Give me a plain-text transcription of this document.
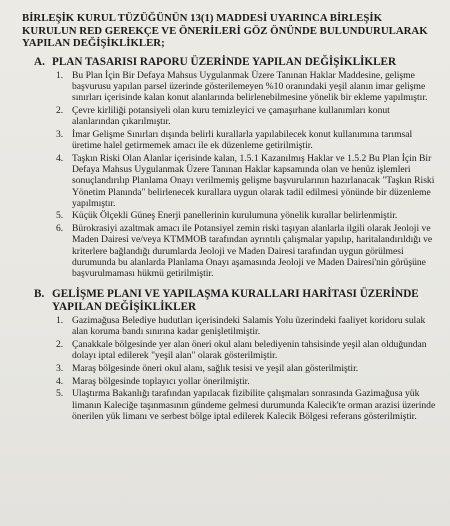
BİRLEŞİK KURUL TÜZÜĞÜNÜN 13(1) MADDESİ UYARINCA BİRLEŞİK KURULUN RED GEREKÇE VE ÖNERİLERİ GÖZ ÖNÜNDE BULUNDURULARAK YAPILAN DEĞİŞİKLİKLER;

A. PLAN TASARISI RAPORU ÜZERİNDE YAPILAN DEĞİŞİKLİKLER

1. Bu Plan İçin Bir Defaya Mahsus Uygulanmak Üzere Tanınan Haklar Maddesine, gelişme başvurusu yapılan parsel üzerinde gösterilemeyen %10 oranındaki yeşil alanın imar gelişme sınırları içerisinde kalan konut alanlarında belirlenebilmesine yönelik bir ekleme yapılmıştır.
2. Çevre kirliliği potansiyeli olan kuru temizleyici ve çamaşırhane kullanımları konut alanlarından çıkarılmıştır.
3. İmar Gelişme Sınırları dışında belirli kurallarla yapılabilecek konut kullanımına tarımsal üretime halel getirmemek amacı ile ek düzenleme getirilmiştir.
4. Taşkın Riski Olan Alanlar içerisinde kalan, 1.5.1 Kazanılmış Haklar ve 1.5.2 Bu Plan İçin Bir Defaya Mahsus Uygulanmak Üzere Tanınan Haklar kapsamında olan ve henüz işlemleri sonuçlandırılıp Planlama Onayı verilmemiş gelişme başvurularının hazırlanacak "Taşkın Riski Yönetim Planında" belirlenecek kurallara uygun olarak tadil edilmesi yönünde bir düzenleme yapılmıştır.
5. Küçük Ölçekli Güneş Enerji panellerinin kurulumuna yönelik kurallar belirlenmiştir.
6. Bürokrasiyi azaltmak amacı ile Potansiyel zemin riski taşıyan alanlarla ilgili olarak Jeoloji ve Maden Dairesi ve/veya KTMMOB tarafından ayrıntılı çalışmalar yapılıp, haritalandırıldığı ve kriterlere bağlandığı durumlarda Jeoloji ve Maden Dairesi tarafından uygun görülmesi durumunda bu alanlarda Planlama Onayı aşamasında Jeoloji ve Maden Dairesi'nin görüşüne başvurulmaması hükmü getirilmiştir.

B. GELİŞME PLANI VE YAPILAŞMA KURALLARI HARİTASI ÜZERİNDE
YAPILAN DEĞİŞİKLİKLER

1. Gazimağusa Belediye hudutları içerisindeki Salamis Yolu üzerindeki faaliyet koridoru sulak alan koruma bandı sınırına kadar genişletilmiştir.
2. Çanakkale bölgesinde yer alan öneri okul alanı belediyenin tahsisinde yeşil alan olduğundan dolayı iptal edilerek "yeşil alan" olarak gösterilmiştir.
3. Maraş bölgesinde öneri okul alanı, sağlık tesisi ve yeşil alan gösterilmiştir.
4. Maraş bölgesinde toplayıcı yollar önerilmiştir.
5. Ulaştırma Bakanlığı tarafından yapılacak fizibilite çalışmaları sonrasında Gazimağusa yük limanın Kaleciğe taşınmasının gündeme gelmesi durumunda Kalecik'te orman arazisi üzerinde önerilen yük limanı ve serbest bölge iptal edilerek Kalecik Bölgesi referans gösterilmiştir.
